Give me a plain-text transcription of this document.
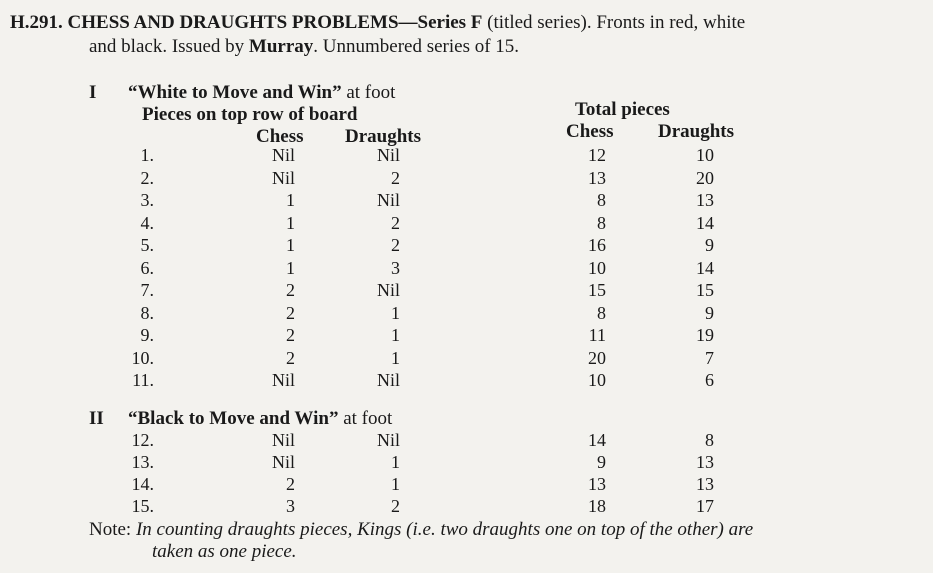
H.291. CHESS AND DRAUGHTS PROBLEMS—Series F (titled series). Fronts in red, white
and black. Issued by Murray. Unnumbered series of 15.
I “White to Move and Win” at foot
Pieces on top row of board
Chess Draughts
Total pieces
Chess Draughts
1.	Nil	Nil	12	10
2.	Nil	2	13	20
3.	1	Nil	8	13
4.	1	2	8	14
5.	1	2	16	9
6.	1	3	10	14
7.	2	Nil	15	15
8.	2	1	8	9
9.	2	1	11	19
10.	2	1	20	7
11.	Nil	Nil	10	6
II “Black to Move and Win” at foot
12.	Nil	Nil	14	8
13.	Nil	1	9	13
14.	2	1	13	13
15.	3	2	18	17
Note: In counting draughts pieces, Kings (i.e. two draughts one on top of the other) are
taken as one piece.
